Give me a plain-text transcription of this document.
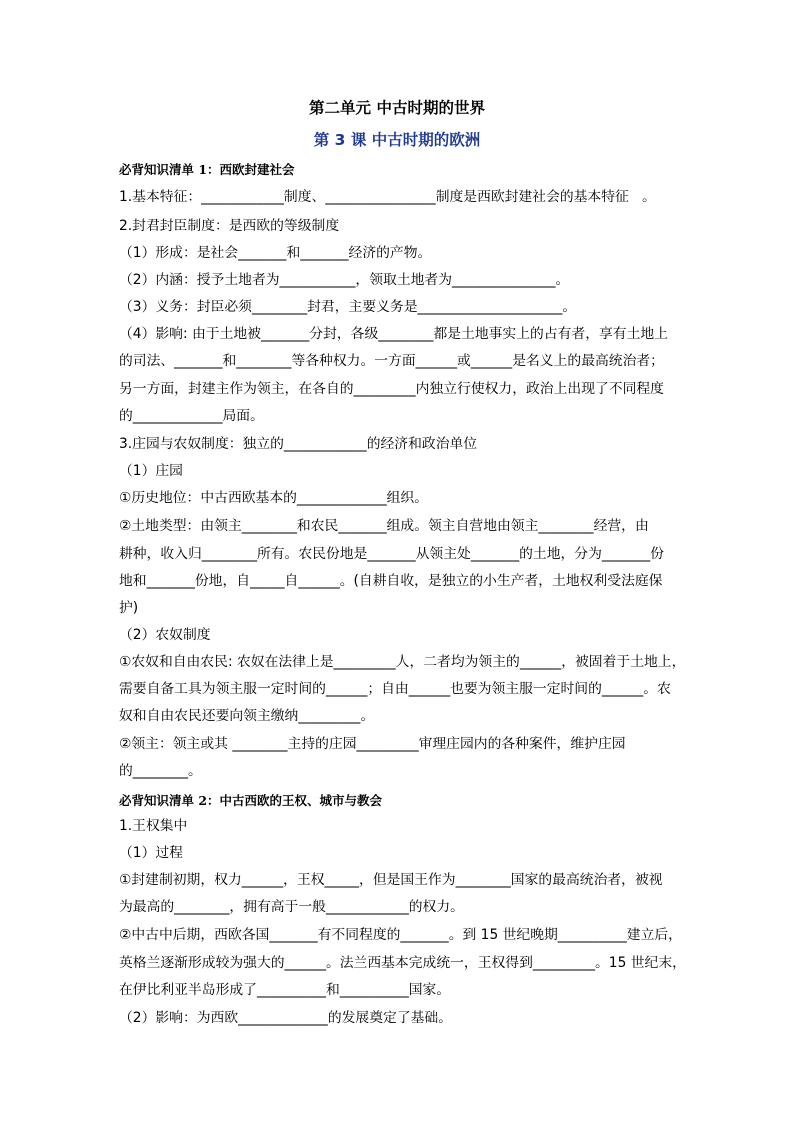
第二单元 中古时期的世界
第 3 课 中古时期的欧洲
必背知识清单 1：西欧封建社会
1.基本特征：____________制度、________________制度是西欧封建社会的基本特征   。
2.封君封臣制度：是西欧的等级制度
（1）形成：是社会_______和_______经济的产物。
（2）内涵：授予土地者为___________，领取土地者为_______________。
（3）义务：封臣必须________封君，主要义务是_____________________。
（4）影响: 由于土地被_______分封，各级________都是土地事实上的占有者，享有土地上
的司法、_______和________等各种权力。一方面______或______是名义上的最高统治者；
另一方面，封建主作为领主，在各自的_________内独立行使权力，政治上出现了不同程度
的_____________局面。
3.庄园与农奴制度：独立的____________的经济和政治单位
（1）庄园
①历史地位：中古西欧基本的_____________组织。
②土地类型：由领主________和农民_______组成。领主自营地由领主________经营，由
耕种，收入归________所有。农民份地是_______从领主处_______的土地，分为_______份
地和_______份地，自_____自______。(自耕自收，是独立的小生产者，土地权利受法庭保
护)
（2）农奴制度
①农奴和自由农民: 农奴在法律上是_________人，二者均为领主的______，被固着于土地上，
需要自备工具为领主服一定时间的______；自由______也要为领主服一定时间的______。农
奴和自由农民还要向领主缴纳_________。
②领主：领主或其 ________主持的庄园_________审理庄园内的各种案件，维护庄园
的________。
必背知识清单 2：中古西欧的王权、城市与教会
1.王权集中
（1）过程
①封建制初期，权力______，王权_____，但是国王作为________国家的最高统治者，被视
为最高的________，拥有高于一般____________的权力。
②中古中后期，西欧各国_______有不同程度的_______。到 15 世纪晚期__________建立后，
英格兰逐渐形成较为强大的______。法兰西基本完成统一，王权得到_________。15 世纪末，
在伊比利亚半岛形成了__________和__________国家。
（2）影响：为西欧_____________的发展奠定了基础。
